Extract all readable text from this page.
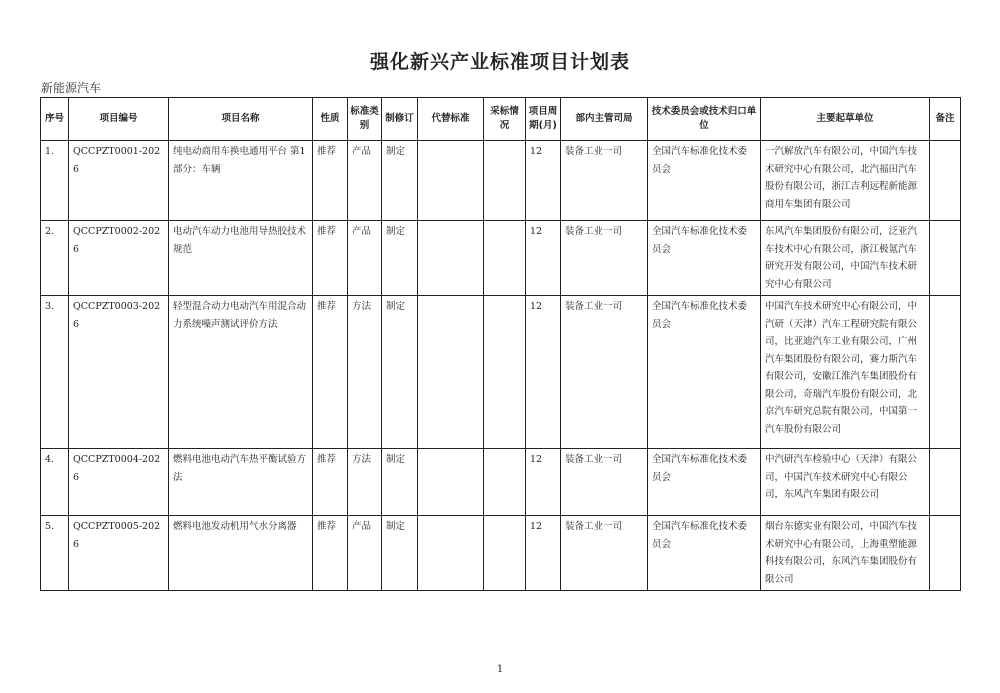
强化新兴产业标准项目计划表
新能源汽车
序号	项目编号	项目名称	性质	标准类别	制修订	代替标准	采标情况	项目周期(月)	部内主管司局	技术委员会或技术归口单位	主要起草单位	备注
1.	QCCPZT0001-2026	纯电动商用车换电通用平台 第1部分：车辆	推荐	产品	制定			12	装备工业一司	全国汽车标准化技术委员会	一汽解放汽车有限公司，中国汽车技术研究中心有限公司，北汽福田汽车股份有限公司，浙江吉利远程新能源商用车集团有限公司	
2.	QCCPZT0002-2026	电动汽车动力电池用导热胶技术规范	推荐	产品	制定			12	装备工业一司	全国汽车标准化技术委员会	东风汽车集团股份有限公司，泛亚汽车技术中心有限公司，浙江极氪汽车研究开发有限公司，中国汽车技术研究中心有限公司	
3.	QCCPZT0003-2026	轻型混合动力电动汽车用混合动力系统噪声测试评价方法	推荐	方法	制定			12	装备工业一司	全国汽车标准化技术委员会	中国汽车技术研究中心有限公司，中汽研（天津）汽车工程研究院有限公司，比亚迪汽车工业有限公司，广州汽车集团股份有限公司，赛力斯汽车有限公司，安徽江淮汽车集团股份有限公司，奇瑞汽车股份有限公司，北京汽车研究总院有限公司，中国第一汽车股份有限公司	
4.	QCCPZT0004-2026	燃料电池电动汽车热平衡试验方法	推荐	方法	制定			12	装备工业一司	全国汽车标准化技术委员会	中汽研汽车检验中心（天津）有限公司，中国汽车技术研究中心有限公司，东风汽车集团有限公司	
5.	QCCPZT0005-2026	燃料电池发动机用气水分离器	推荐	产品	制定			12	装备工业一司	全国汽车标准化技术委员会	烟台东德实业有限公司，中国汽车技术研究中心有限公司，上海重塑能源科技有限公司，东风汽车集团股份有限公司	
1
